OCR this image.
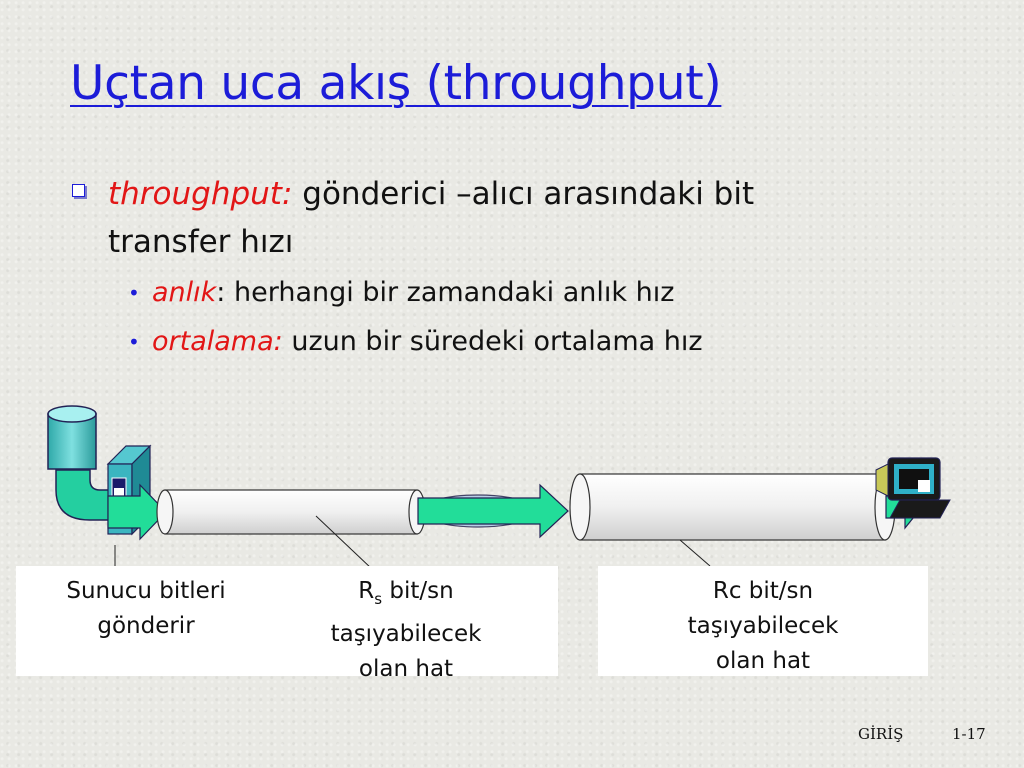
Uçtan uca akış (throughput)
throughput: gönderici –alıcı arasındaki bit
transfer hızı
• anlık: herhangi bir zamandaki anlık hız
• ortalama: uzun bir süredeki ortalama hız
Sunucu bitleri
gönderir
$R_s$ bit/sn
taşıyabilecek
olan hat
Rc bit/sn
taşıyabilecek
olan hat
GİRİŞ	1-17
